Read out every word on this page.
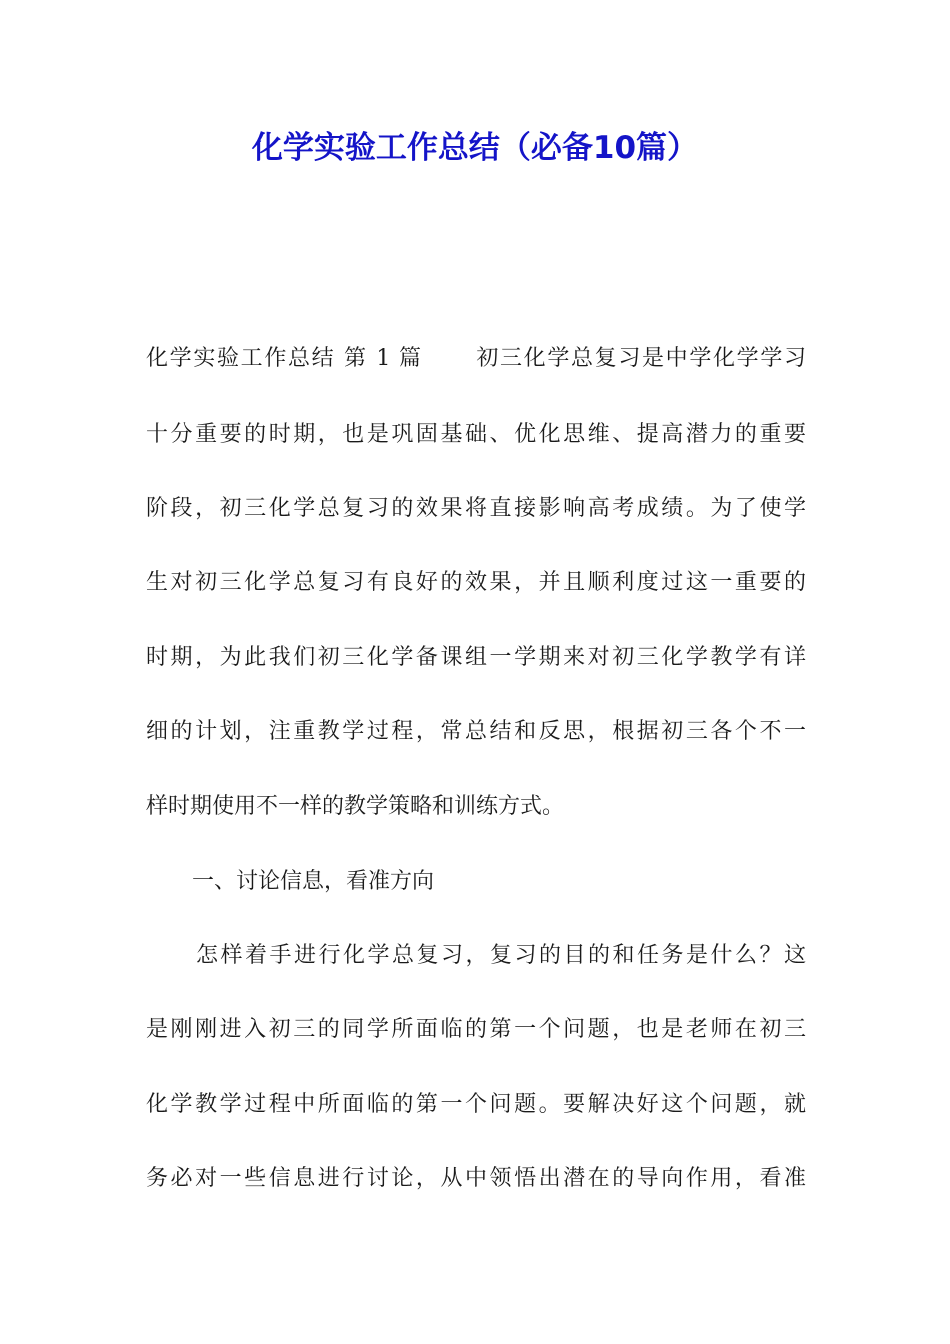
化学实验工作总结（必备10篇）
化学实验工作总结 第 1 篇 初三化学总复习是中学化学学习
十分重要的时期，也是巩固基础、优化思维、提高潜力的重要
阶段，初三化学总复习的效果将直接影响高考成绩。为了使学
生对初三化学总复习有良好的效果，并且顺利度过这一重要的
时期，为此我们初三化学备课组一学期来对初三化学教学有详
细的计划，注重教学过程，常总结和反思，根据初三各个不一
样时期使用不一样的教学策略和训练方式。
一、讨论信息，看准方向
怎样着手进行化学总复习，复习的目的和任务是什么？这
是刚刚进入初三的同学所面临的第一个问题，也是老师在初三
化学教学过程中所面临的第一个问题。要解决好这个问题，就
务必对一些信息进行讨论，从中领悟出潜在的导向作用，看准
